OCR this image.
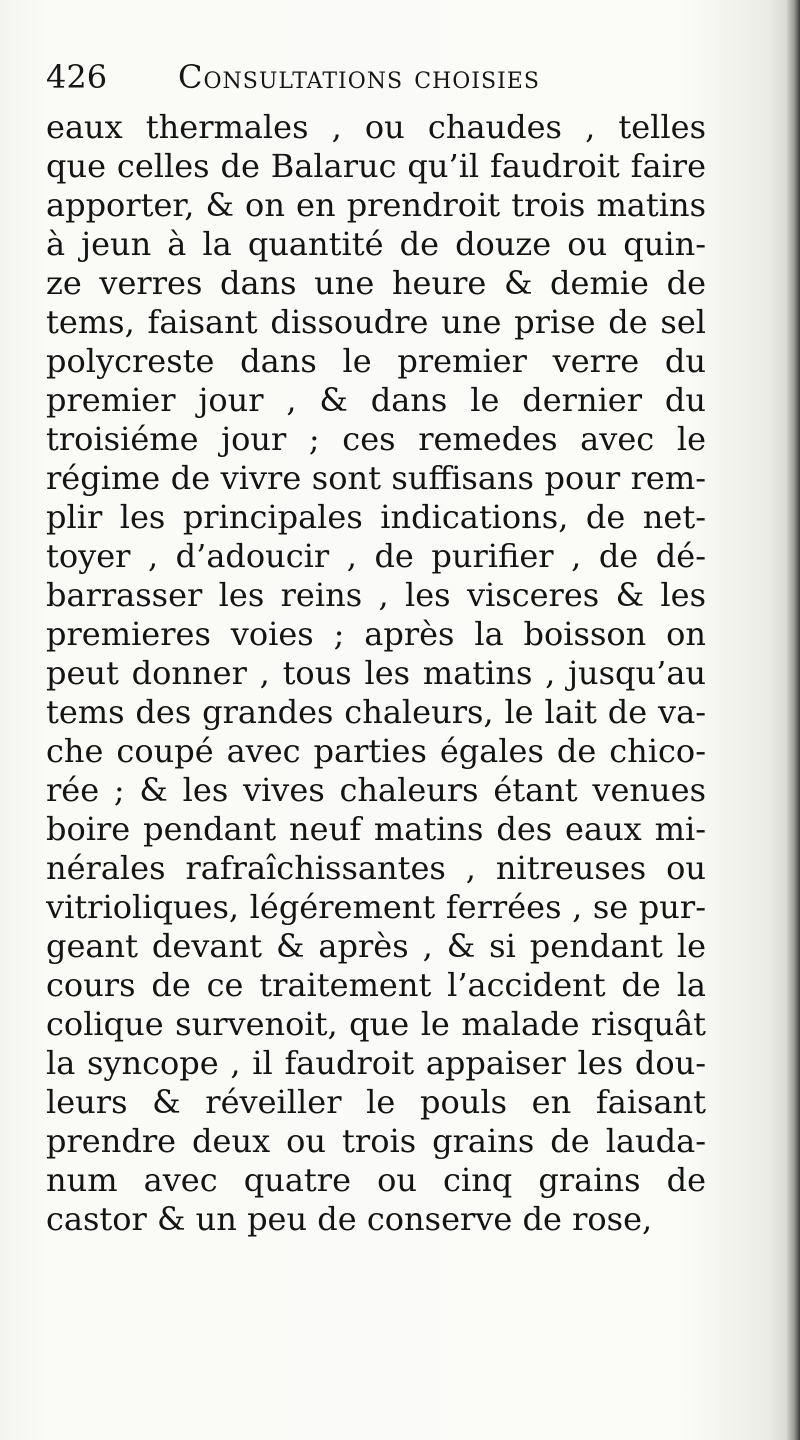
426 Consultations choisies
eaux thermales , ou chaudes , telles
que celles de Balaruc qu’il faudroit faire
apporter, & on en prendroit trois matins
à jeun à la quantité de douze ou quin-
ze verres dans une heure & demie de
tems, faisant dissoudre une prise de sel
polycreste dans le premier verre du
premier jour , & dans le dernier du
troisiéme jour ; ces remedes avec le
régime de vivre sont suffisans pour rem-
plir les principales indications, de net-
toyer , d’adoucir , de purifier , de dé-
barrasser les reins , les visceres & les
premieres voies ; après la boisson on
peut donner , tous les matins , jusqu’au
tems des grandes chaleurs, le lait de va-
che coupé avec parties égales de chico-
rée ; & les vives chaleurs étant venues
boire pendant neuf matins des eaux mi-
nérales rafraîchissantes , nitreuses ou
vitrioliques, légérement ferrées , se pur-
geant devant & après , & si pendant le
cours de ce traitement l’accident de la
colique survenoit, que le malade risquât
la syncope , il faudroit appaiser les dou-
leurs & réveiller le pouls en faisant
prendre deux ou trois grains de lauda-
num avec quatre ou cinq grains de
castor & un peu de conserve de rose,
